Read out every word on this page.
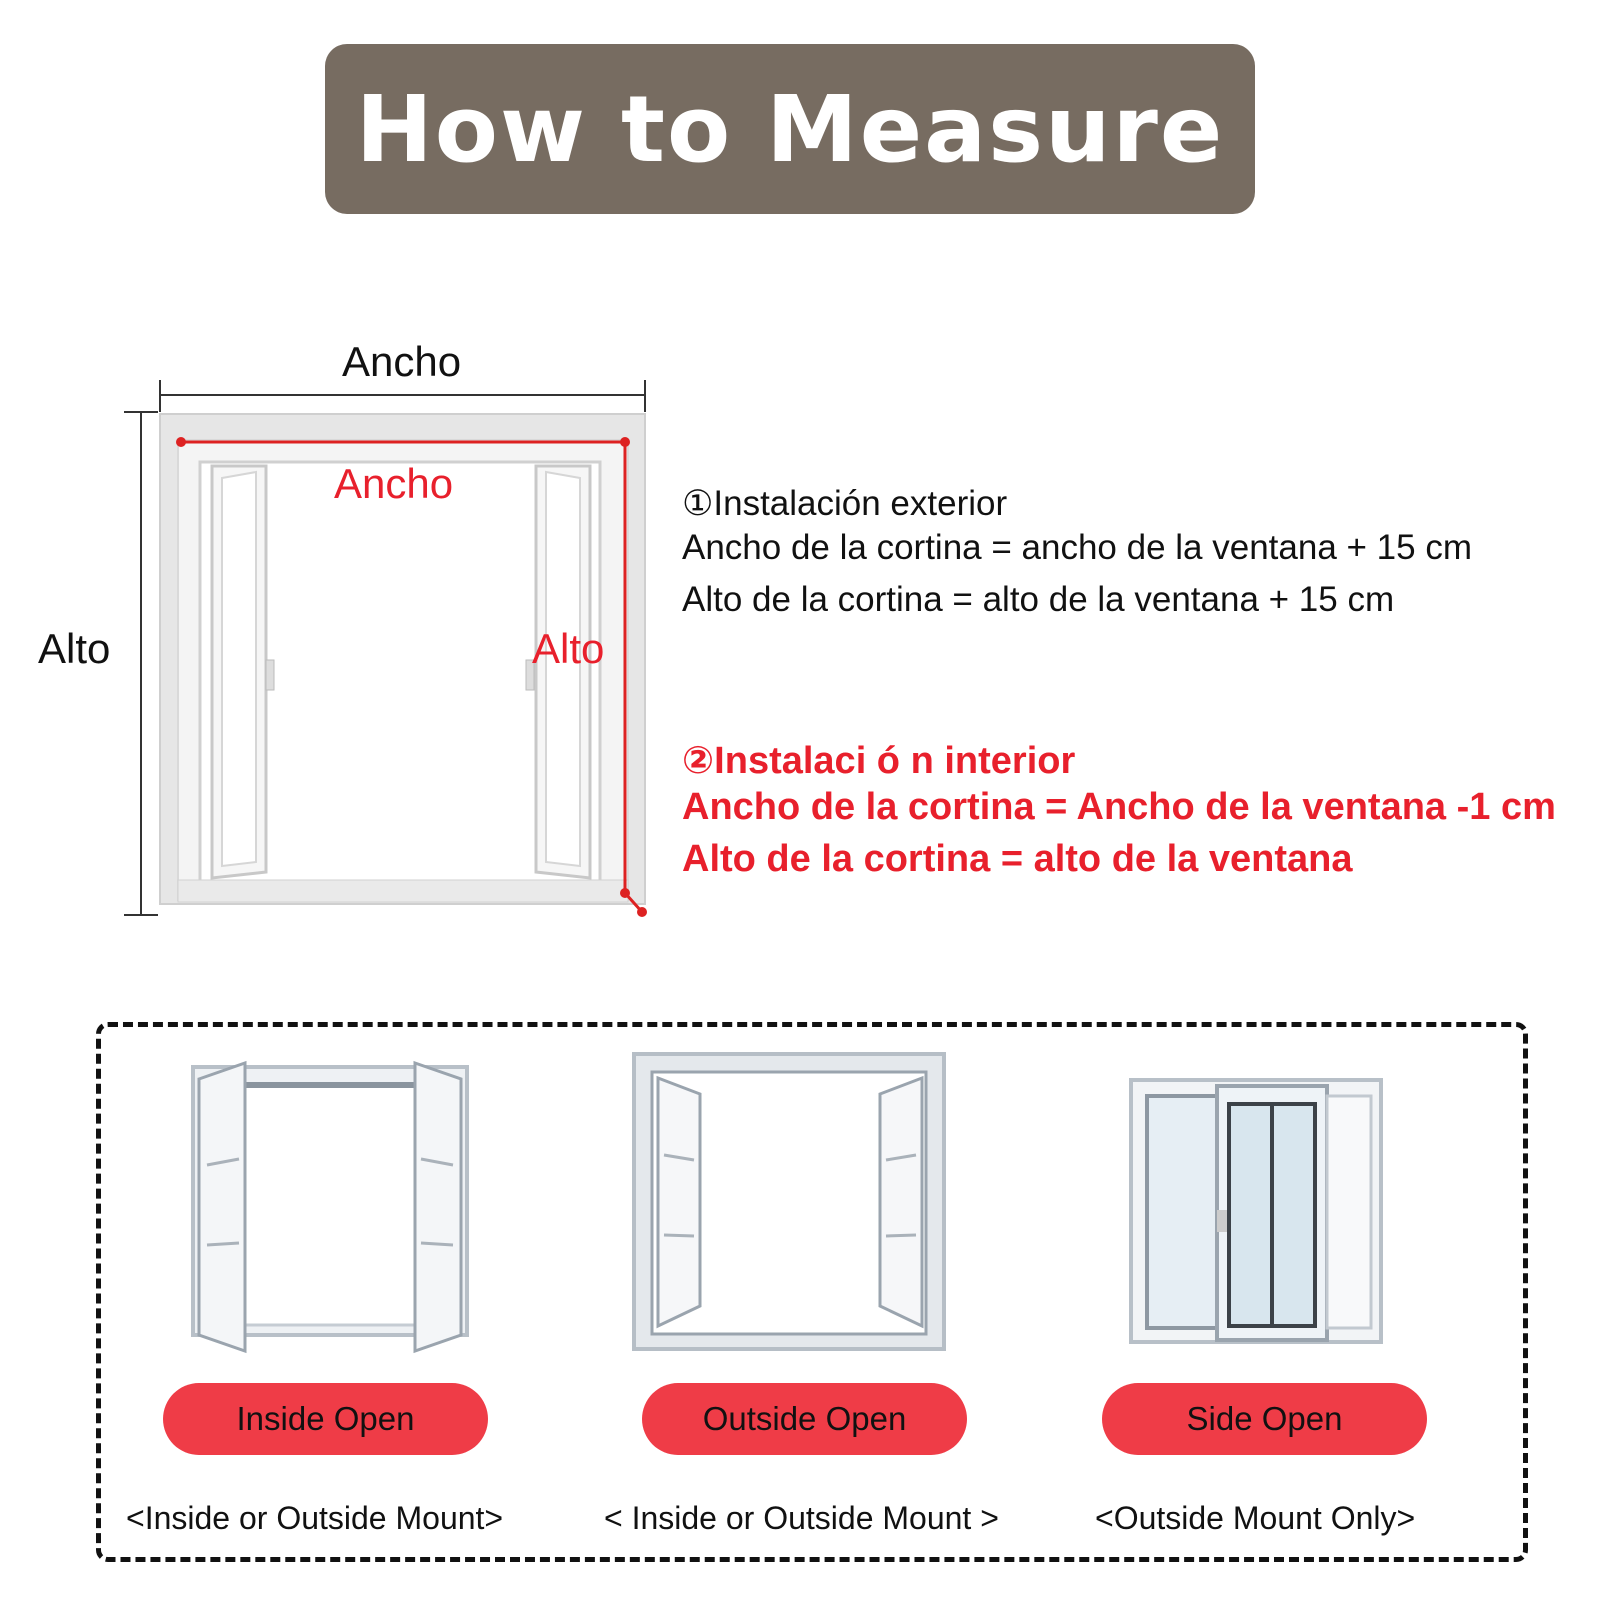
How to Measure
Ancho
Alto
Ancho
Alto
①Instalación exterior
Ancho de la cortina = ancho de la ventana + 15 cm
Alto de la cortina = alto de la ventana + 15 cm
②Instalaci ó n interior
Ancho de la cortina = Ancho de la ventana -1 cm
Alto de la cortina = alto de la ventana
Inside Open	Outside Open	Side Open
<Inside or Outside Mount>	< Inside or Outside Mount >	<Outside Mount Only>
